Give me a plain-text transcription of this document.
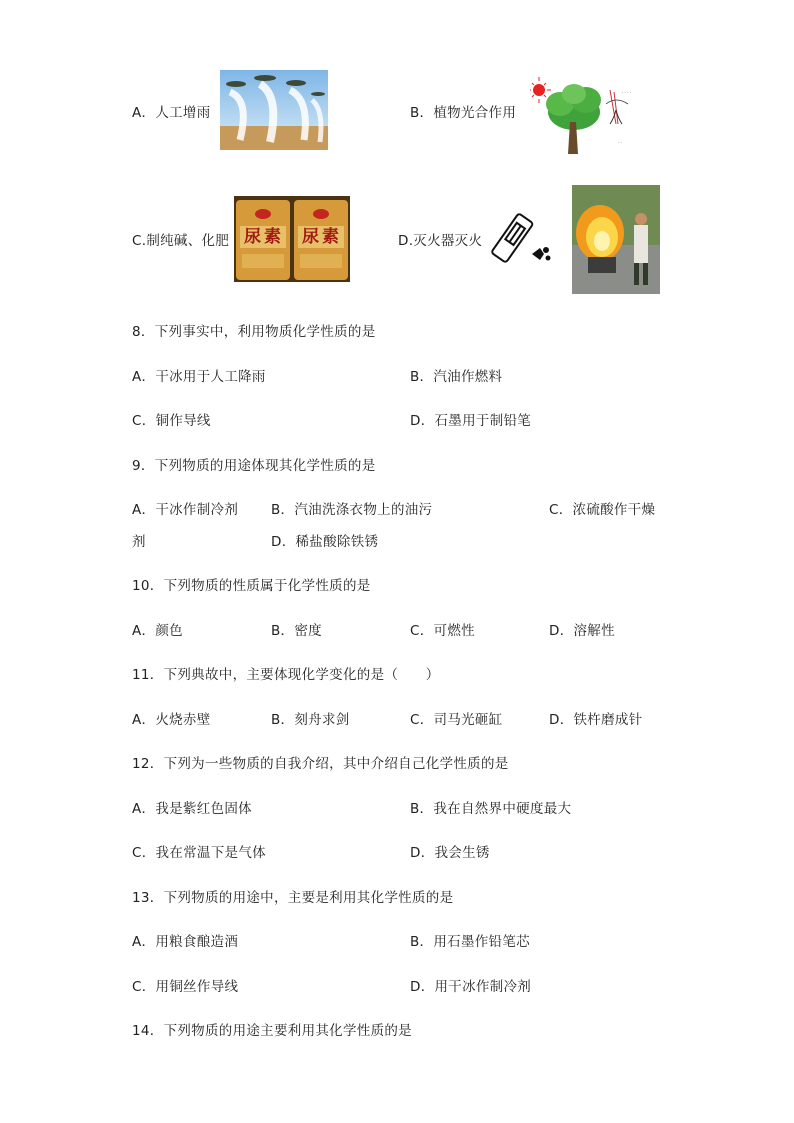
A．人工增雨	B．植物光合作用
· · · ·
· ·
C.制纯碱、化肥 尿素 尿素	D.灭火器灭火
8．下列事实中，利用物质化学性质的是
A．干冰用于人工降雨	B．汽油作燃料
C．铜作导线	D．石墨用于制铅笔
9．下列物质的用途体现其化学性质的是
A．干冰作制冷剂 B．汽油洗涤衣物上的油污	C．浓硫酸作干燥
剂	D．稀盐酸除铁锈
10．下列物质的性质属于化学性质的是
A．颜色	B．密度	C．可燃性	D．溶解性
11．下列典故中，主要体现化学变化的是（　　）
A．火烧赤壁	B．刻舟求剑	C．司马光砸缸	D．铁杵磨成针
12．下列为一些物质的自我介绍，其中介绍自己化学性质的是
A．我是紫红色固体	B．我在自然界中硬度最大
C．我在常温下是气体	D．我会生锈
13．下列物质的用途中，主要是利用其化学性质的是
A．用粮食酿造酒	B．用石墨作铅笔芯
C．用铜丝作导线	D．用干冰作制冷剂
14．下列物质的用途主要利用其化学性质的是
